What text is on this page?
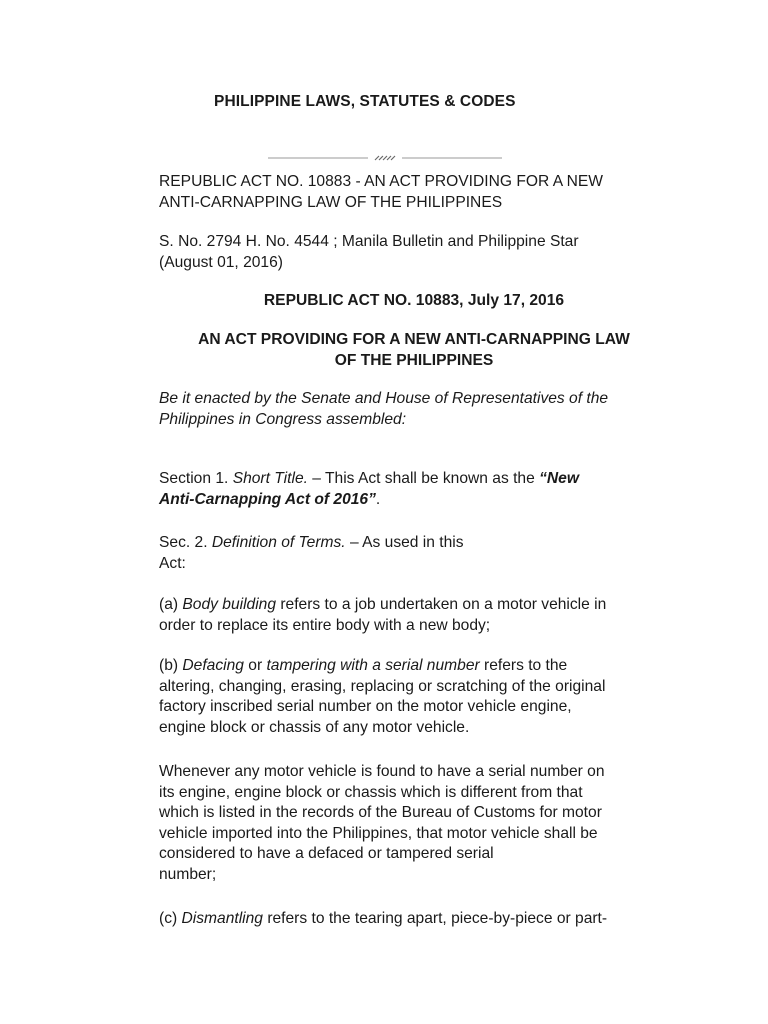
PHILIPPINE LAWS, STATUTES & CODES

REPUBLIC ACT NO. 10883 - AN ACT PROVIDING FOR A NEW
ANTI-CARNAPPING LAW OF THE PHILIPPINES

S. No. 2794 H. No. 4544 ; Manila Bulletin and Philippine Star
(August 01, 2016)

REPUBLIC ACT NO. 10883, July 17, 2016

AN ACT PROVIDING FOR A NEW ANTI-CARNAPPING LAW
OF THE PHILIPPINES

Be it enacted by the Senate and House of Representatives of the
Philippines in Congress assembled:

Section 1. Short Title. – This Act shall be known as the “New
Anti-Carnapping Act of 2016”.

Sec. 2. Definition of Terms. – As used in this
Act:

(a) Body building refers to a job undertaken on a motor vehicle in
order to replace its entire body with a new body;

(b) Defacing or tampering with a serial number refers to the
altering, changing, erasing, replacing or scratching of the original
factory inscribed serial number on the motor vehicle engine,
engine block or chassis of any motor vehicle.

Whenever any motor vehicle is found to have a serial number on
its engine, engine block or chassis which is different from that
which is listed in the records of the Bureau of Customs for motor
vehicle imported into the Philippines, that motor vehicle shall be
considered to have a defaced or tampered serial
number;

(c) Dismantling refers to the tearing apart, piece-by-piece or part-
